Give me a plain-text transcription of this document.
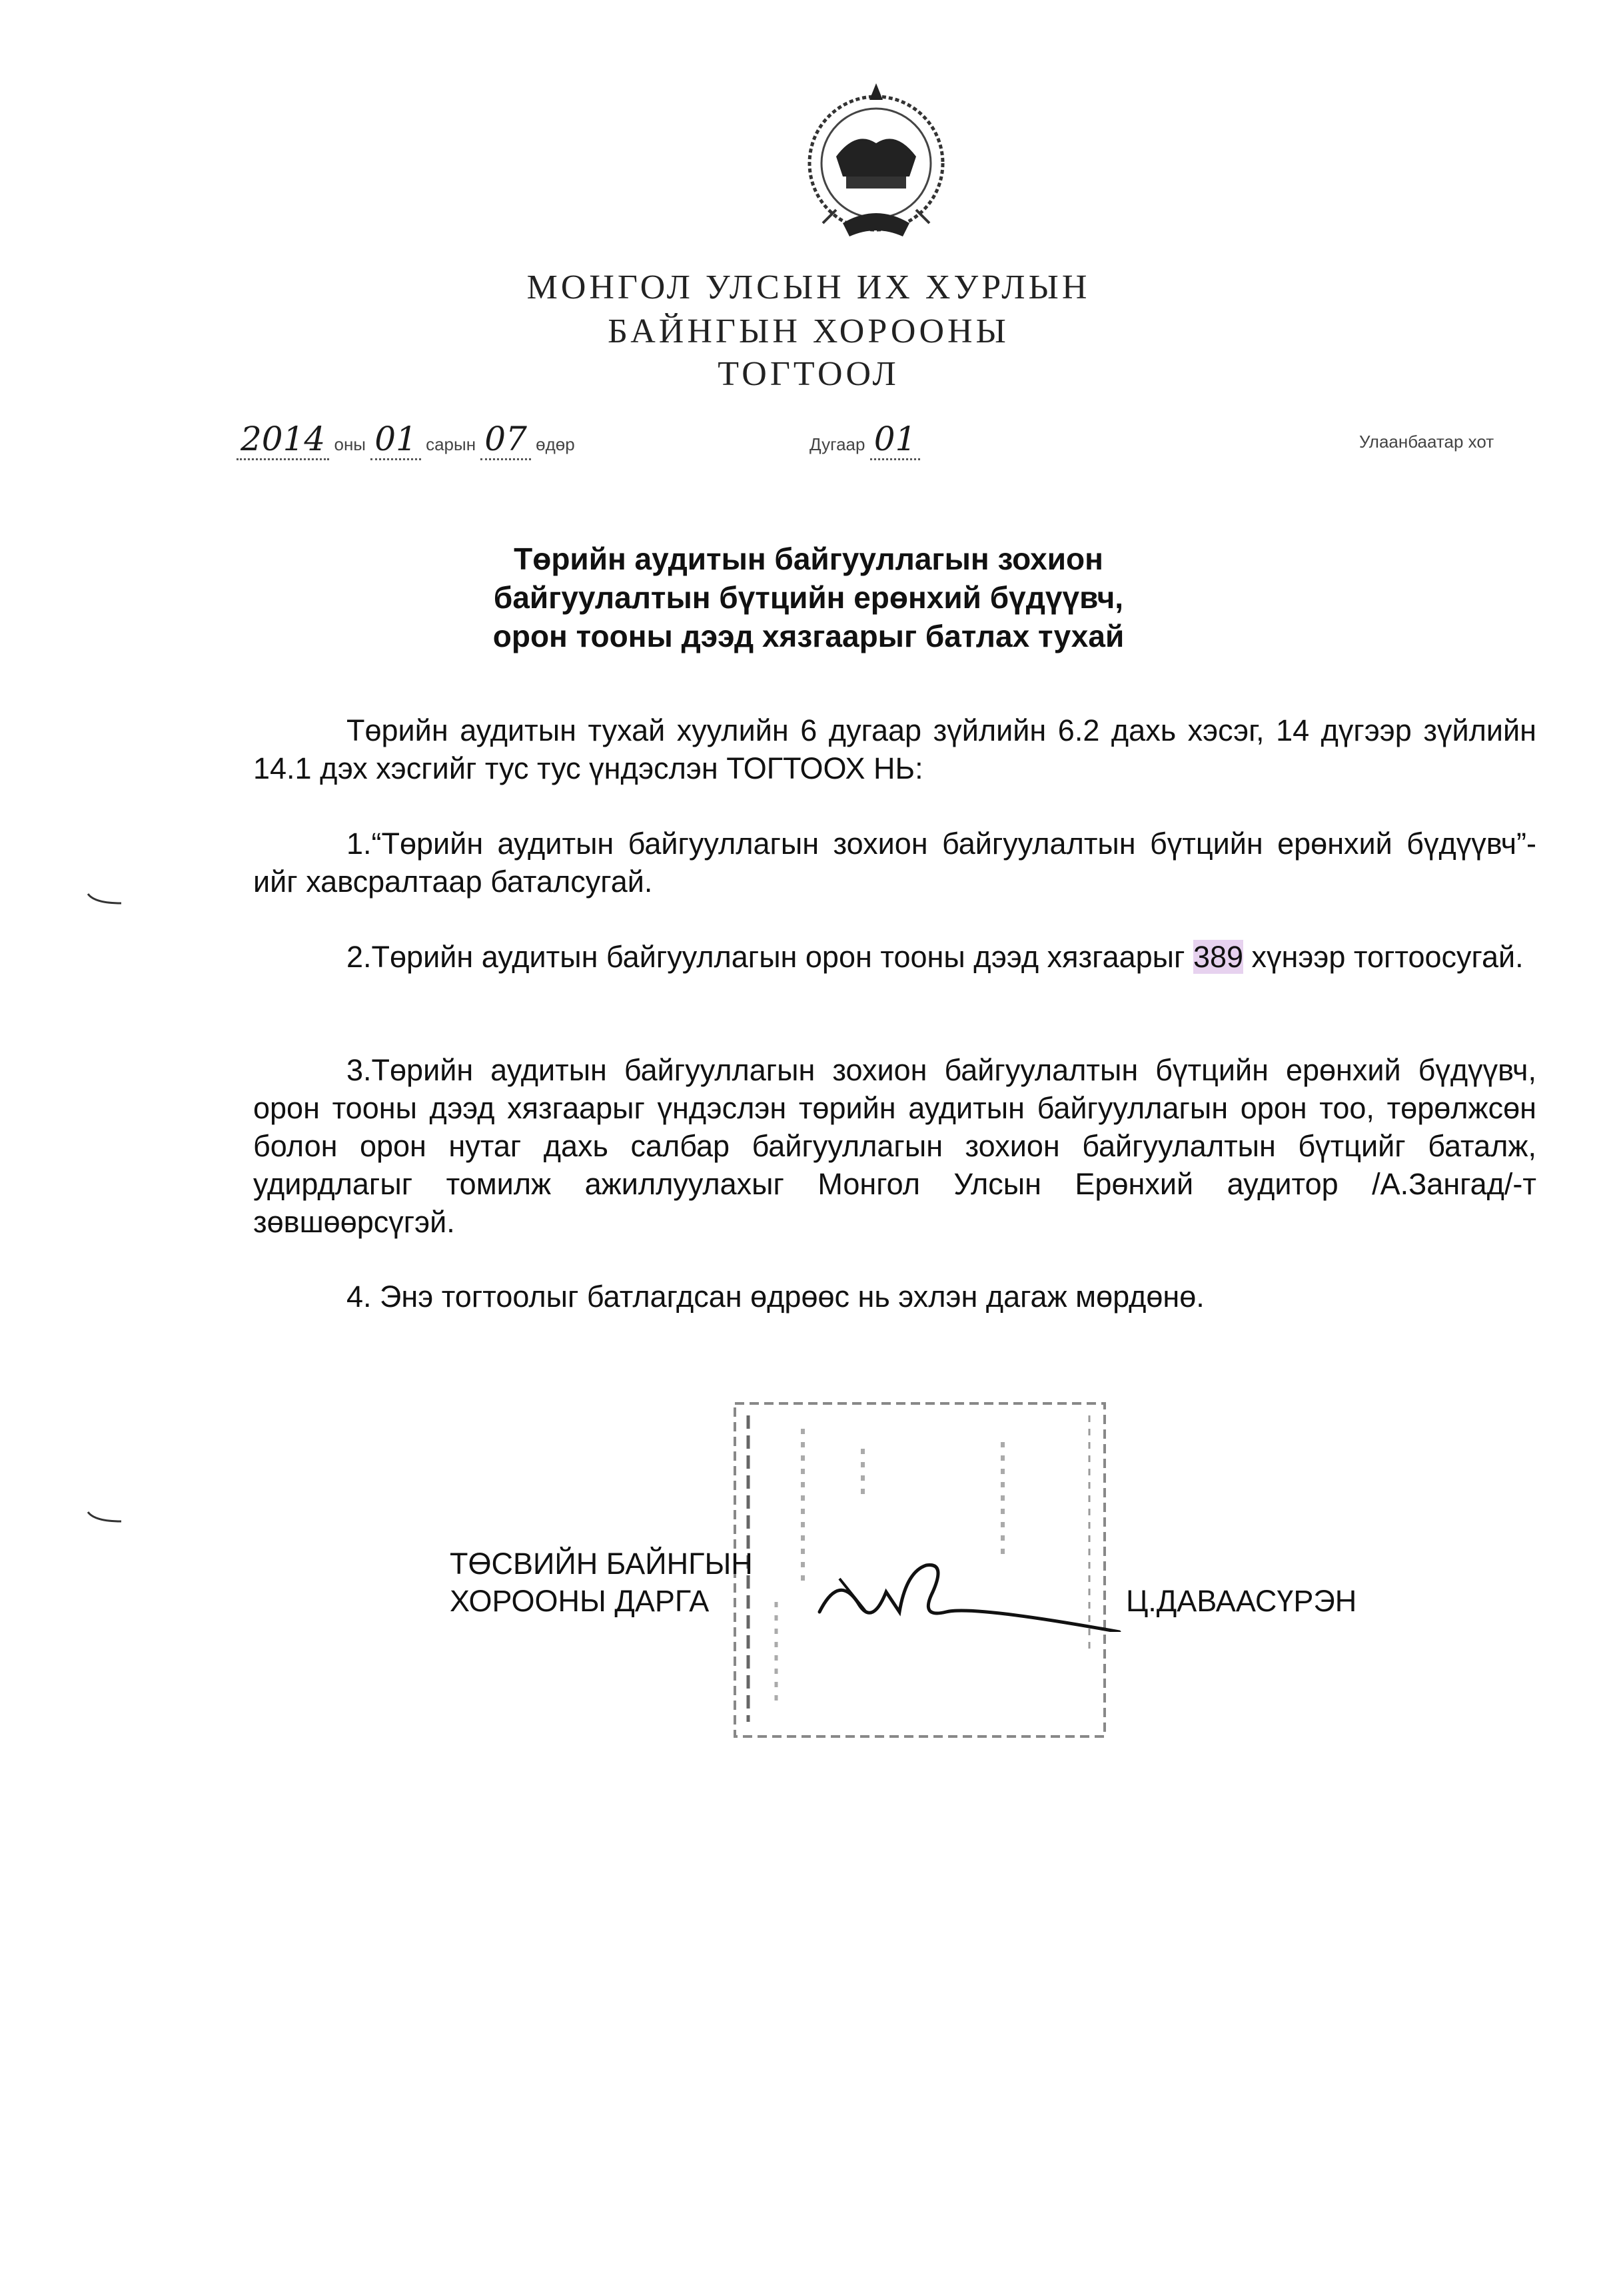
МОНГОЛ УЛСЫН ИХ ХУРЛЫН
БАЙНГЫН ХОРООНЫ
ТОГТООЛ
2014 оны 01 сарын 07 өдөр	Дугаар 01	Улаанбаатар хот
Төрийн аудитын байгууллагын зохион
байгуулалтын бүтцийн ерөнхий бүдүүвч,
орон тооны дээд хязгаарыг батлах тухай

Төрийн аудитын тухай хуулийн 6 дугаар зүйлийн 6.2 дахь хэсэг, 14 дүгээр зүйлийн 14.1 дэх хэсгийг тус тус үндэслэн ТОГТООХ НЬ:

1.“Төрийн аудитын байгууллагын зохион байгуулалтын бүтцийн ерөнхий бүдүүвч”-ийг хавсралтаар баталсугай.

2.Төрийн аудитын байгууллагын орон тооны дээд хязгаарыг 389 хүнээр тогтоосугай.

3.Төрийн аудитын байгууллагын зохион байгуулалтын бүтцийн ерөнхий бүдүүвч, орон тооны дээд хязгаарыг үндэслэн төрийн аудитын байгууллагын орон тоо, төрөлжсөн болон орон нутаг дахь салбар байгууллагын зохион байгуулалтын бүтцийг баталж, удирдлагыг томилж ажиллуулахыг Монгол Улсын Ерөнхий аудитор /А.Зангад/-т зөвшөөрсүгэй.

4. Энэ тогтоолыг батлагдсан өдрөөс нь эхлэн дагаж мөрдөнө.

ТӨСВИЙН БАЙНГЫН
ХОРООНЫ ДАРГА	Ц.ДАВААСҮРЭН
